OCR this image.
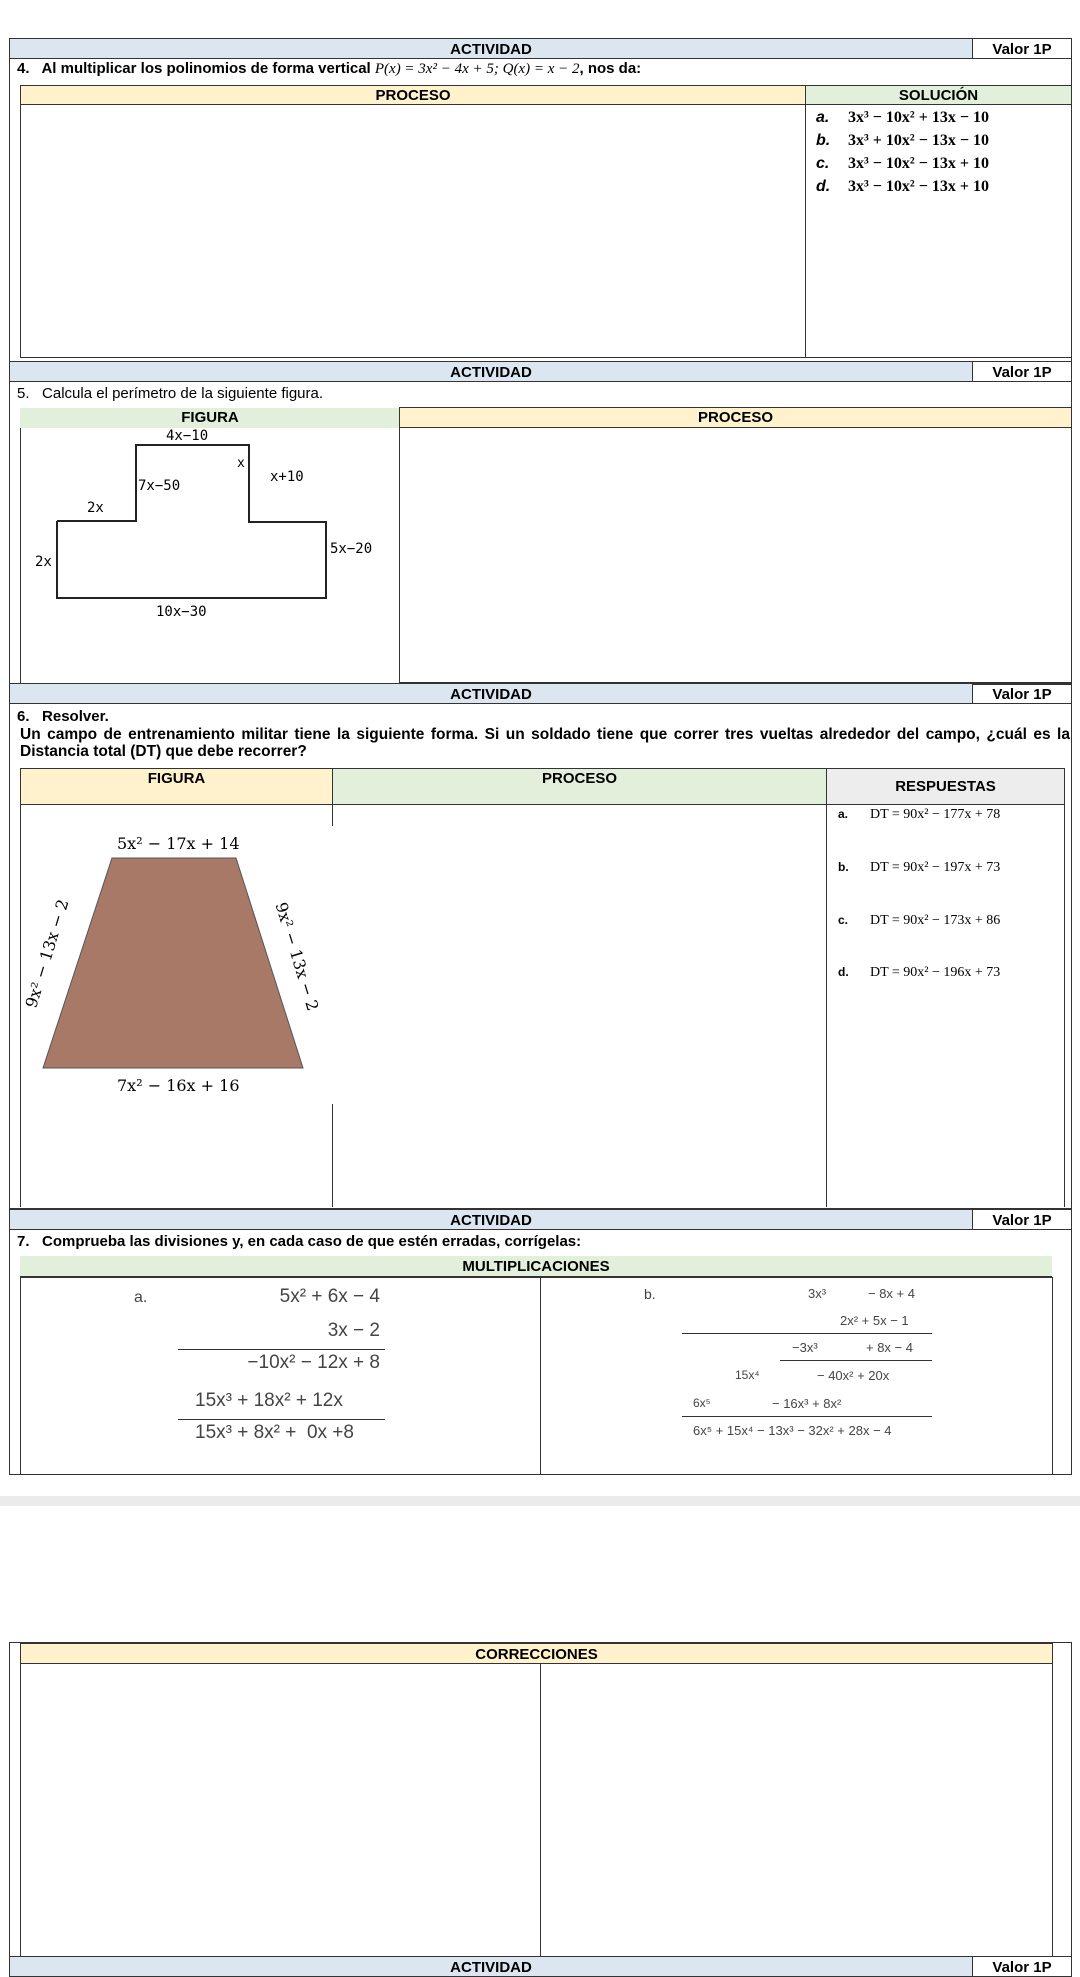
ACTIVIDAD	Valor 1P
4. Al multiplicar los polinomios de forma vertical P(x) = 3x² − 4x + 5; Q(x) = x − 2, nos da:
PROCESO	SOLUCIÓN
a. 3x³ − 10x² + 13x − 10
b. 3x³ + 10x² − 13x − 10
c. 3x³ − 10x² − 13x + 10
d. 3x³ − 10x² − 13x + 10
ACTIVIDAD	Valor 1P
5. Calcula el perímetro de la siguiente figura.
FIGURA	PROCESO
4x−10
x
x+10
7x−50
2x
2x
5x−20
10x−30
ACTIVIDAD	Valor 1P
6. Resolver.
Un campo de entrenamiento militar tiene la siguiente forma. Si un soldado tiene que correr tres vueltas alrededor del campo, ¿cuál es la Distancia total (DT) que debe recorrer?
FIGURA	PROCESO	RESPUESTAS
5x² − 17x + 14
7x² − 16x + 16
9x² − 13x − 2	9x² − 13x − 2
a. DT = 90x² − 177x + 78
b. DT = 90x² − 197x + 73
c. DT = 90x² − 173x + 86
d. DT = 90x² − 196x + 73
ACTIVIDAD	Valor 1P
7. Comprueba las divisiones y, en cada caso de que estén erradas, corrígelas:
MULTIPLICACIONES
a.	5x² + 6x − 4
3x − 2
−10x² − 12x + 8
15x³ + 18x² + 12x
15x³ + 8x² +  0x +8
b.	3x³	− 8x + 4
2x² + 5x − 1
−3x³	+ 8x − 4
15x⁴	− 40x² + 20x
6x⁵	− 16x³ + 8x²
6x⁵ + 15x⁴ − 13x³ − 32x² + 28x − 4
CORRECCIONES
ACTIVIDAD	Valor 1P
